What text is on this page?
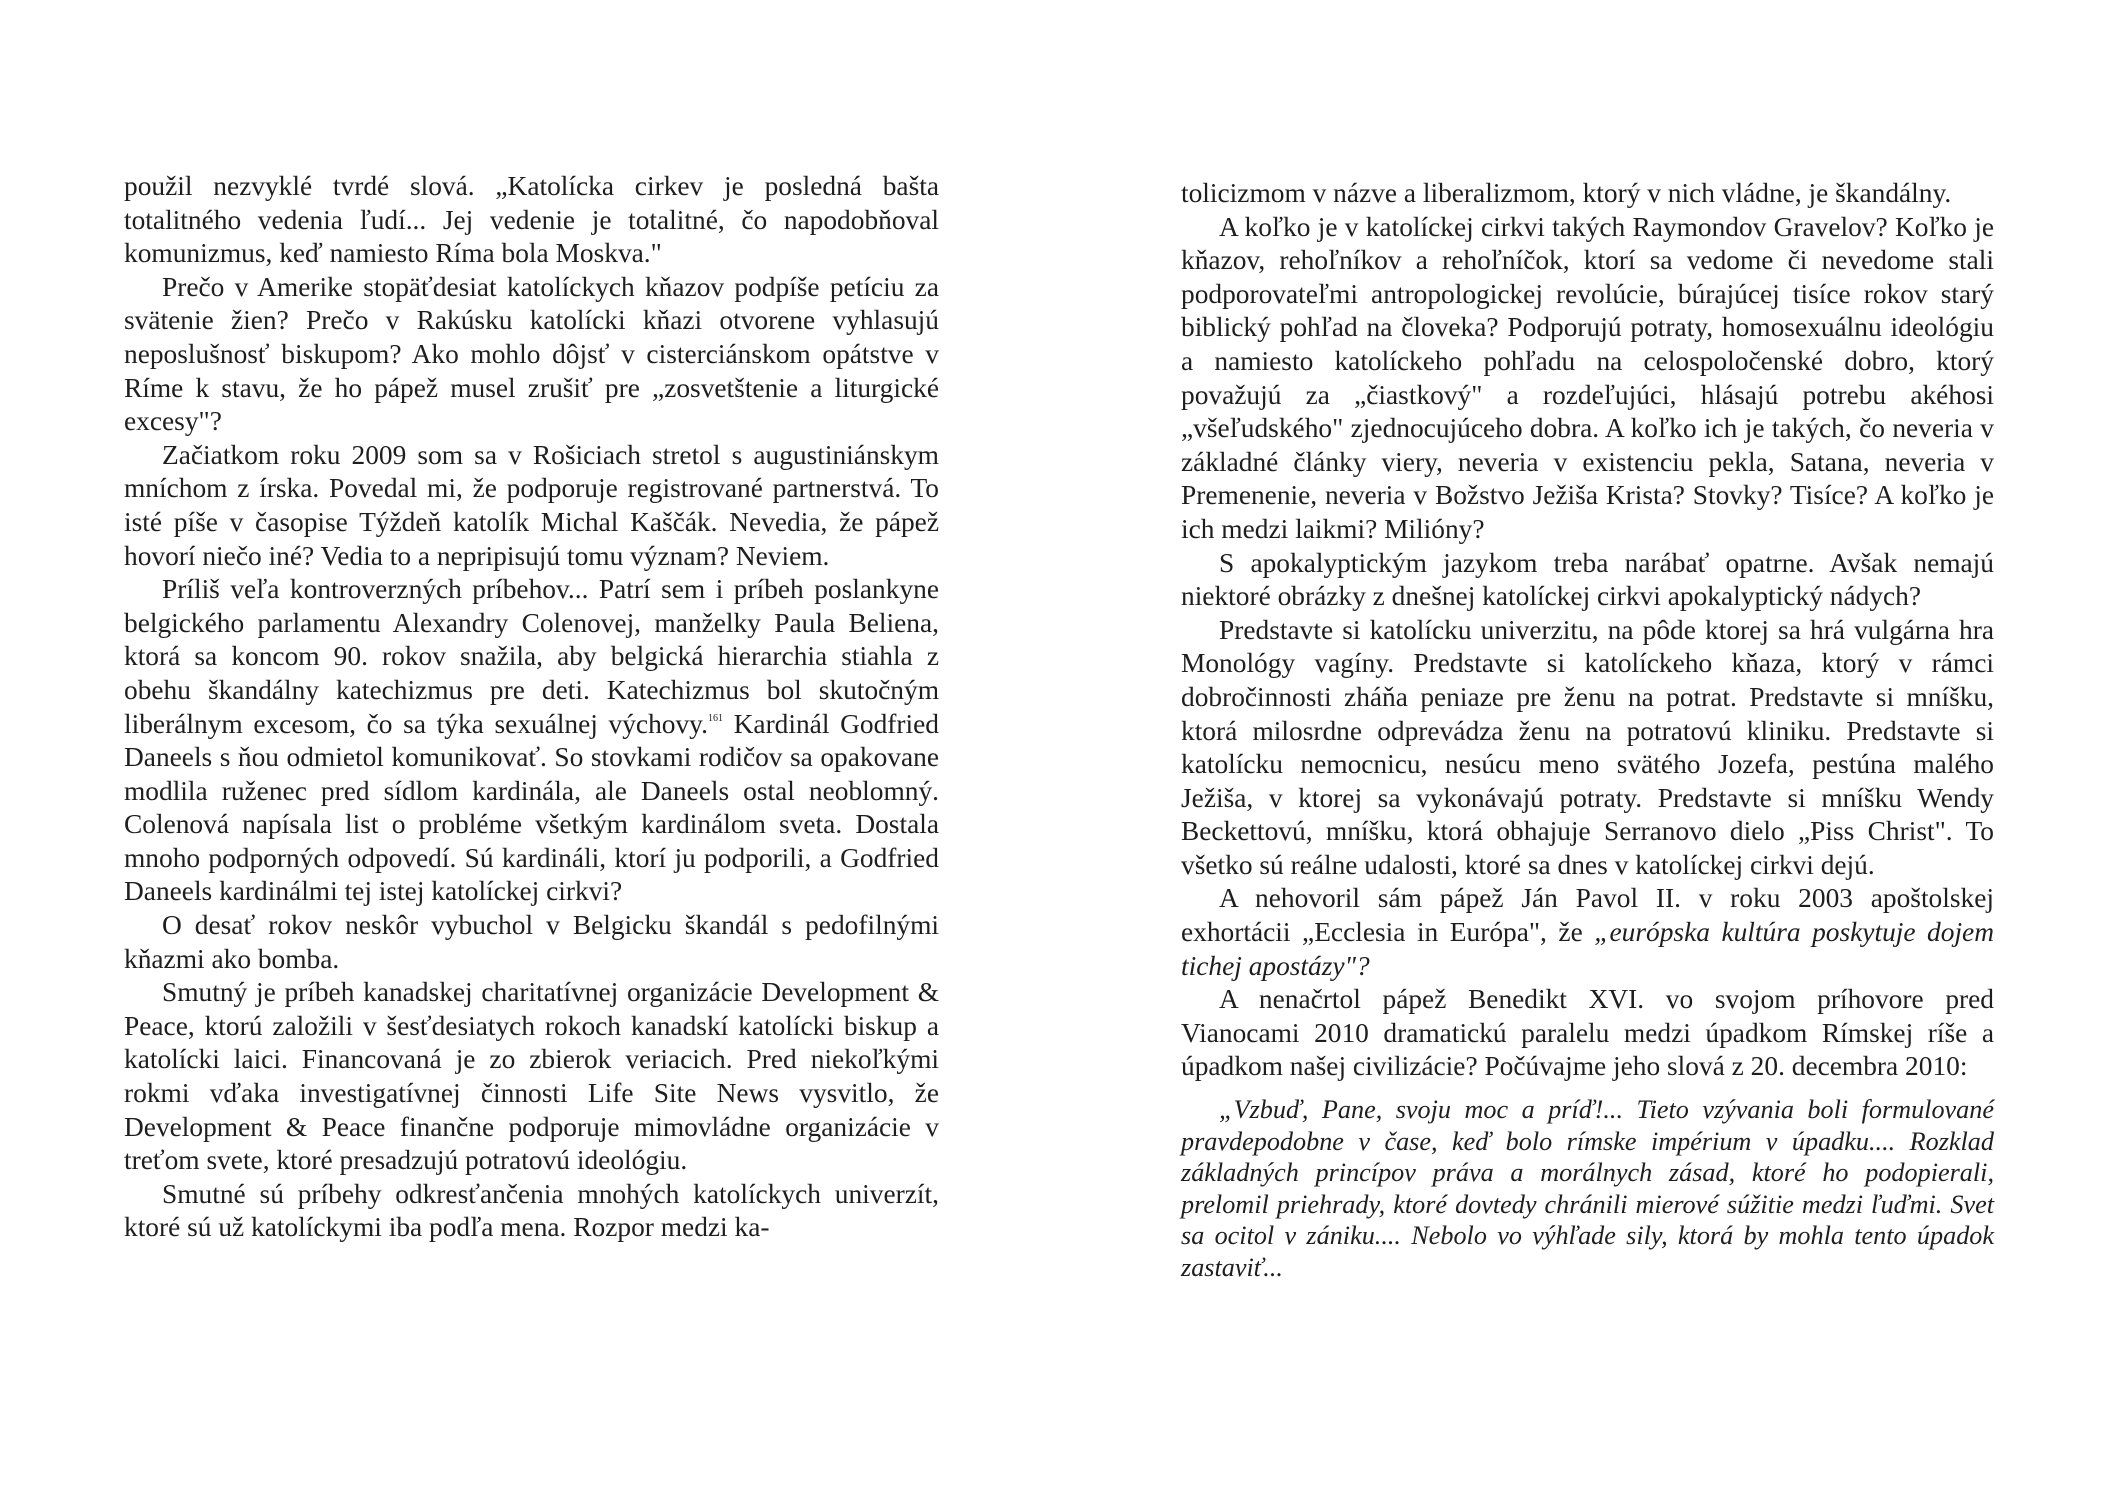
použil nezvyklé tvrdé slová. „Katolícka cirkev je posledná bašta totalitného vedenia ľudí... Jej vedenie je totalitné, čo napodobňoval komunizmus, keď namiesto Ríma bola Moskva."

Prečo v Amerike stopäťdesiat katolíckych kňazov podpíše petíciu za svätenie žien? Prečo v Rakúsku katolícki kňazi otvorene vyhlasujú neposlušnosť biskupom? Ako mohlo dôjsť v cisterciánskom opátstve v Ríme k stavu, že ho pápež musel zrušiť pre „zosvetštenie a liturgické excesy"?

Začiatkom roku 2009 som sa v Rošiciach stretol s augustiniánskym mníchom z írska. Povedal mi, že podporuje registrované partnerstvá. To isté píše v časopise Týždeň katolík Michal Kaščák. Nevedia, že pápež hovorí niečo iné? Vedia to a nepripisujú tomu význam? Neviem.

Príliš veľa kontroverzných príbehov... Patrí sem i príbeh poslankyne belgického parlamentu Alexandry Colenovej, manželky Paula Beliena, ktorá sa koncom 90. rokov snažila, aby belgická hierarchia stiahla z obehu škandálny katechizmus pre deti. Katechizmus bol skutočným liberálnym excesom, čo sa týka sexuálnej výchovy.$^{161}$ Kardinál Godfried Daneels s ňou odmietol komunikovať. So stovkami rodičov sa opakovane modlila ruženec pred sídlom kardinála, ale Daneels ostal neoblomný. Colenová napísala list o probléme všetkým kardinálom sveta. Dostala mnoho podporných odpovedí. Sú kardináli, ktorí ju podporili, a Godfried Daneels kardinálmi tej istej katolíckej cirkvi?

O desať rokov neskôr vybuchol v Belgicku škandál s pedofilnými kňazmi ako bomba.

Smutný je príbeh kanadskej charitatívnej organizácie Development & Peace, ktorú založili v šesťdesiatych rokoch kanadskí katolícki biskup a katolícki laici. Financovaná je zo zbierok veriacich. Pred niekoľkými rokmi vďaka investigatívnej činnosti Life Site News vysvitlo, že Development & Peace finančne podporuje mimovládne organizácie v treťom svete, ktoré presadzujú potratovú ideológiu.

Smutné sú príbehy odkresťančenia mnohých katolíckych univerzít, ktoré sú už katolíckymi iba podľa mena. Rozpor medzi ka-

tolicizmom v názve a liberalizmom, ktorý v nich vládne, je škandálny.

A koľko je v katolíckej cirkvi takých Raymondov Gravelov? Koľko je kňazov, rehoľníkov a rehoľníčok, ktorí sa vedome či nevedome stali podporovateľmi antropologickej revolúcie, búrajúcej tisíce rokov starý biblický pohľad na človeka? Podporujú potraty, homosexuálnu ideológiu a namiesto katolíckeho pohľadu na celospoločenské dobro, ktorý považujú za „čiastkový" a rozdeľujúci, hlásajú potrebu akéhosi „všeľudského" zjednocujúceho dobra. A koľko ich je takých, čo neveria v základné články viery, neveria v existenciu pekla, Satana, neveria v Premenenie, neveria v Božstvo Ježiša Krista? Stovky? Tisíce? A koľko je ich medzi laikmi? Milióny?

S apokalyptickým jazykom treba narábať opatrne. Avšak nemajú niektoré obrázky z dnešnej katolíckej cirkvi apokalyptický nádych?

Predstavte si katolícku univerzitu, na pôde ktorej sa hrá vulgárna hra Monológy vagíny. Predstavte si katolíckeho kňaza, ktorý v rámci dobročinnosti zháňa peniaze pre ženu na potrat. Predstavte si mníšku, ktorá milosrdne odprevádza ženu na potratovú kliniku. Predstavte si katolícku nemocnicu, nesúcu meno svätého Jozefa, pestúna malého Ježiša, v ktorej sa vykonávajú potraty. Predstavte si mníšku Wendy Beckettovú, mníšku, ktorá obhajuje Serranovo dielo „Piss Christ". To všetko sú reálne udalosti, ktoré sa dnes v katolíckej cirkvi dejú.

A nehovoril sám pápež Ján Pavol II. v roku 2003 apoštolskej exhortácii „Ecclesia in Európa", že „európska kultúra poskytuje dojem tichej apostázy"?

A nenačrtol pápež Benedikt XVI. vo svojom príhovore pred Vianocami 2010 dramatickú paralelu medzi úpadkom Rímskej ríše a úpadkom našej civilizácie? Počúvajme jeho slová z 20. decembra 2010:

„Vzbuď, Pane, svoju moc a príď!... Tieto vzývania boli formulované pravdepodobne v čase, keď bolo rímske impérium v úpadku.... Rozklad základných princípov práva a morálnych zásad, ktoré ho podopierali, prelomil priehrady, ktoré dovtedy chránili mierové súžitie medzi ľuďmi. Svet sa ocitol v zániku.... Nebolo vo výhľade sily, ktorá by mohla tento úpadok zastaviť...
